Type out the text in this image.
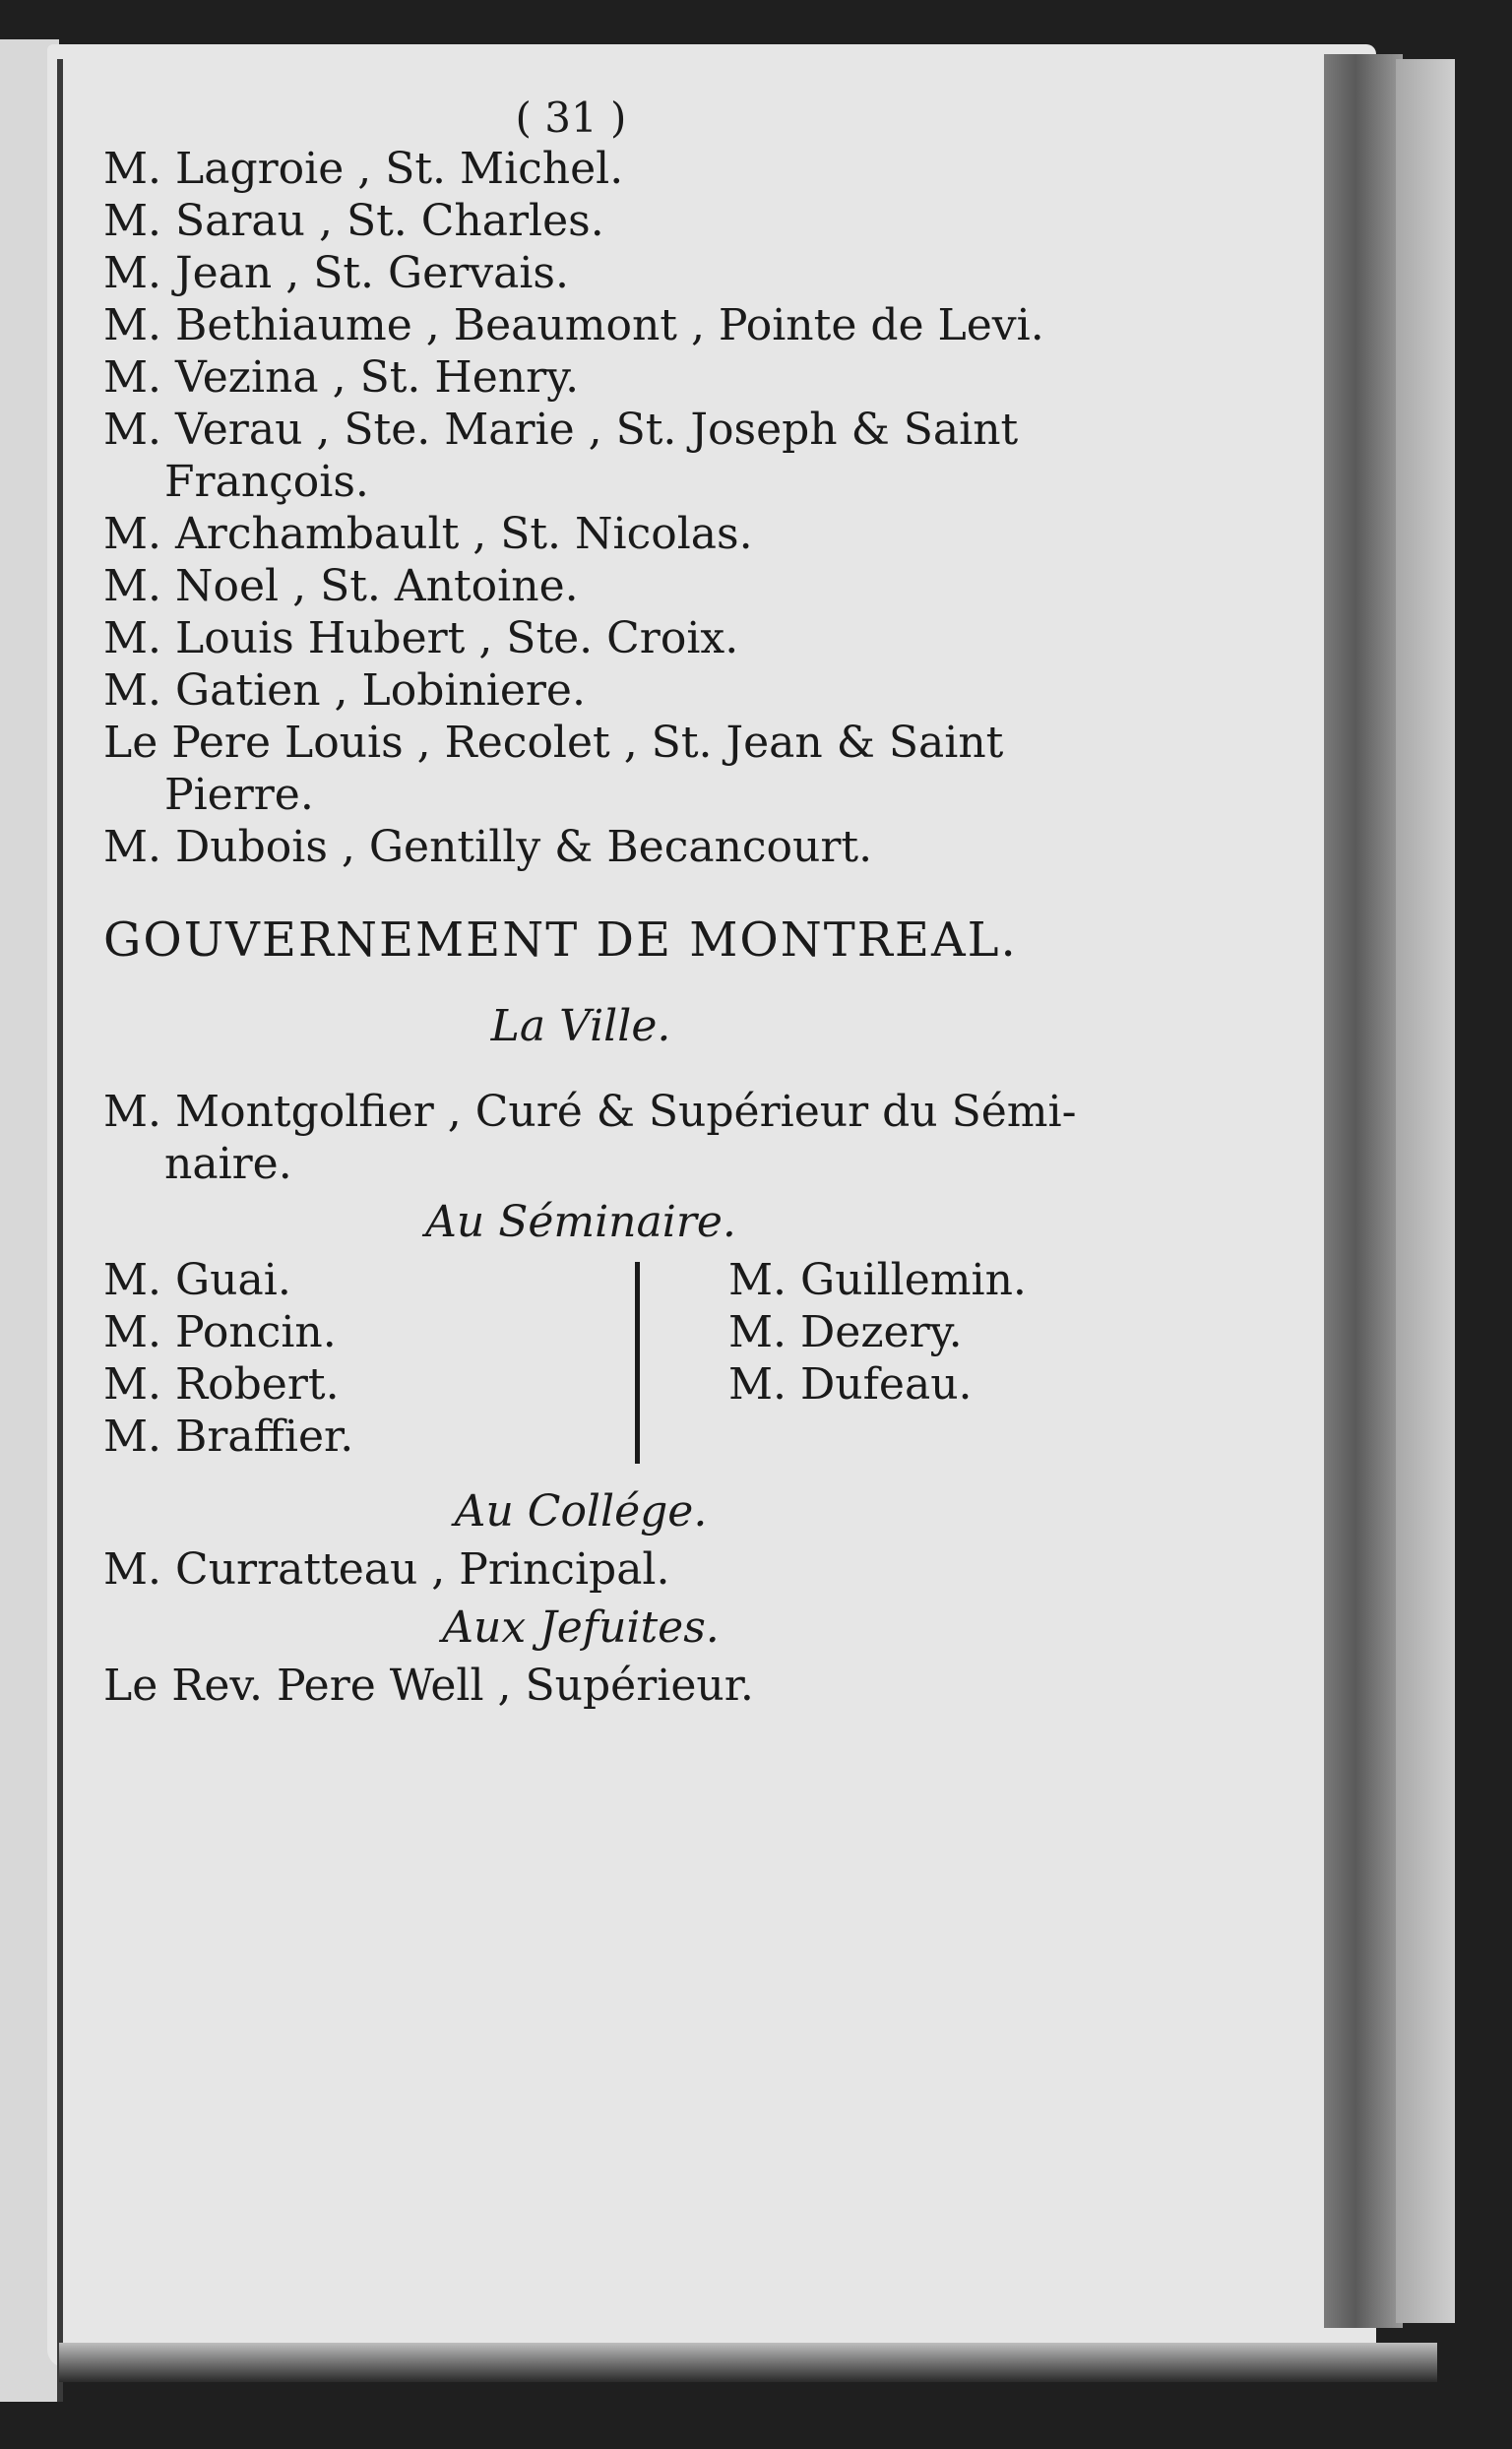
( 31 )
M. Lagroie , St. Michel.
M. Sarau , St. Charles.
M. Jean , St. Gervais.
M. Bethiaume , Beaumont , Pointe de Levi.
M. Vezina , St. Henry.
M. Verau , Ste. Marie , St. Joseph & Saint
François.
M. Archambault , St. Nicolas.
M. Noel , St. Antoine.
M. Louis Hubert , Ste. Croix.
M. Gatien , Lobiniere.
Le Pere Louis , Recolet , St. Jean & Saint
Pierre.
M. Dubois , Gentilly & Becancourt.
GOUVERNEMENT DE MONTREAL.
La Ville.
M. Montgolfier , Curé & Supérieur du Sémi-
naire.
Au Séminaire.
M. Guai.
M. Poncin.
M. Robert.
M. Braffier.
M. Guillemin.
M. Dezery.
M. Dufeau.
Au Collége.
M. Curratteau , Principal.
Aux Jefuites.
Le Rev. Pere Well , Supérieur.
